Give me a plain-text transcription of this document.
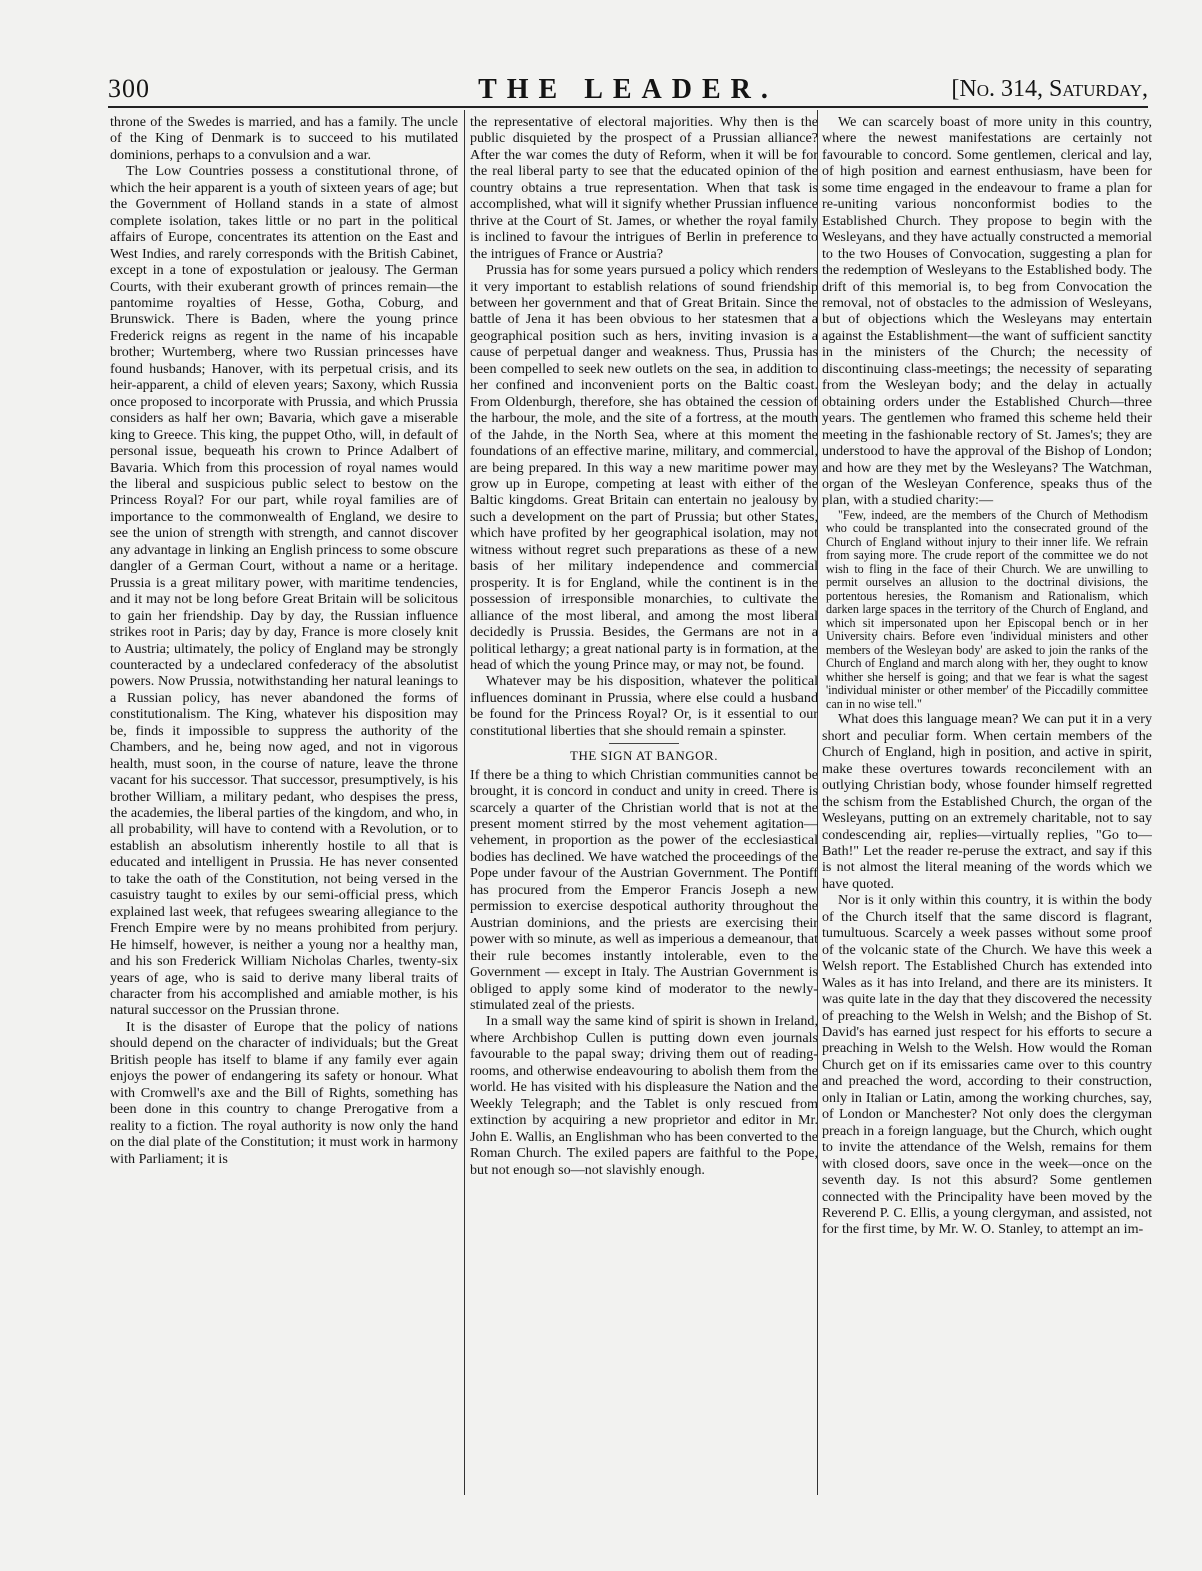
300	THE LEADER.	[No. 314, Saturday,

throne of the Swedes is married, and has a family. The uncle of the King of Denmark is to succeed to his mutilated dominions, perhaps to a convulsion and a war.

The Low Countries possess a constitutional throne, of which the heir apparent is a youth of sixteen years of age; but the Government of Holland stands in a state of almost complete isolation, takes little or no part in the political affairs of Europe, concentrates its attention on the East and West Indies, and rarely corresponds with the British Cabinet, except in a tone of expostulation or jealousy. The German Courts, with their exuberant growth of princes remain—the pantomime royalties of Hesse, Gotha, Coburg, and Brunswick. There is Baden, where the young prince Frederick reigns as regent in the name of his incapable brother; Wurtemberg, where two Russian princesses have found husbands; Hanover, with its perpetual crisis, and its heir-apparent, a child of eleven years; Saxony, which Russia once proposed to incorporate with Prussia, and which Prussia considers as half her own; Bavaria, which gave a miserable king to Greece. This king, the puppet Otho, will, in default of personal issue, bequeath his crown to Prince Adalbert of Bavaria. Which from this procession of royal names would the liberal and suspicious public select to bestow on the Princess Royal? For our part, while royal families are of importance to the commonwealth of England, we desire to see the union of strength with strength, and cannot discover any advantage in linking an English princess to some obscure dangler of a German Court, without a name or a heritage. Prussia is a great military power, with maritime tendencies, and it may not be long before Great Britain will be solicitous to gain her friendship. Day by day, the Russian influence strikes root in Paris; day by day, France is more closely knit to Austria; ultimately, the policy of England may be strongly counteracted by a undeclared confederacy of the absolutist powers. Now Prussia, notwithstanding her natural leanings to a Russian policy, has never abandoned the forms of constitutionalism. The King, whatever his disposition may be, finds it impossible to suppress the authority of the Chambers, and he, being now aged, and not in vigorous health, must soon, in the course of nature, leave the throne vacant for his successor. That successor, presumptively, is his brother William, a military pedant, who despises the press, the academies, the liberal parties of the kingdom, and who, in all probability, will have to contend with a Revolution, or to establish an absolutism inherently hostile to all that is educated and intelligent in Prussia. He has never consented to take the oath of the Constitution, not being versed in the casuistry taught to exiles by our semi-official press, which explained last week, that refugees swearing allegiance to the French Empire were by no means prohibited from perjury. He himself, however, is neither a young nor a healthy man, and his son Frederick William Nicholas Charles, twenty-six years of age, who is said to derive many liberal traits of character from his accomplished and amiable mother, is his natural successor on the Prussian throne.

It is the disaster of Europe that the policy of nations should depend on the character of individuals; but the Great British people has itself to blame if any family ever again enjoys the power of endangering its safety or honour. What with Cromwell's axe and the Bill of Rights, something has been done in this country to change Prerogative from a reality to a fiction. The royal authority is now only the hand on the dial plate of the Constitution; it must work in harmony with Parliament; it is

the representative of electoral majorities. Why then is the public disquieted by the prospect of a Prussian alliance? After the war comes the duty of Reform, when it will be for the real liberal party to see that the educated opinion of the country obtains a true representation. When that task is accomplished, what will it signify whether Prussian influence thrive at the Court of St. James, or whether the royal family is inclined to favour the intrigues of Berlin in preference to the intrigues of France or Austria?

Prussia has for some years pursued a policy which renders it very important to establish relations of sound friendship between her government and that of Great Britain. Since the battle of Jena it has been obvious to her statesmen that a geographical position such as hers, inviting invasion is a cause of perpetual danger and weakness. Thus, Prussia has been compelled to seek new outlets on the sea, in addition to her confined and inconvenient ports on the Baltic coast. From Oldenburgh, therefore, she has obtained the cession of the harbour, the mole, and the site of a fortress, at the mouth of the Jahde, in the North Sea, where at this moment the foundations of an effective marine, military, and commercial, are being prepared. In this way a new maritime power may grow up in Europe, competing at least with either of the Baltic kingdoms. Great Britain can entertain no jealousy by such a development on the part of Prussia; but other States, which have profited by her geographical isolation, may not witness without regret such preparations as these of a new basis of her military independence and commercial prosperity. It is for England, while the continent is in the possession of irresponsible monarchies, to cultivate the alliance of the most liberal, and among the most liberal decidedly is Prussia. Besides, the Germans are not in a political lethargy; a great national party is in formation, at the head of which the young Prince may, or may not, be found.

Whatever may be his disposition, whatever the political influences dominant in Prussia, where else could a husband be found for the Princess Royal? Or, is it essential to our constitutional liberties that she should remain a spinster.

THE SIGN AT BANGOR.

If there be a thing to which Christian communities cannot be brought, it is concord in conduct and unity in creed. There is scarcely a quarter of the Christian world that is not at the present moment stirred by the most vehement agitation—vehement, in proportion as the power of the ecclesiastical bodies has declined. We have watched the proceedings of the Pope under favour of the Austrian Government. The Pontiff has procured from the Emperor Francis Joseph a new permission to exercise despotical authority throughout the Austrian dominions, and the priests are exercising their power with so minute, as well as imperious a demeanour, that their rule becomes instantly intolerable, even to the Government — except in Italy. The Austrian Government is obliged to apply some kind of moderator to the newly-stimulated zeal of the priests.

In a small way the same kind of spirit is shown in Ireland, where Archbishop Cullen is putting down even journals favourable to the papal sway; driving them out of reading-rooms, and otherwise endeavouring to abolish them from the world. He has visited with his displeasure the Nation and the Weekly Telegraph; and the Tablet is only rescued from extinction by acquiring a new proprietor and editor in Mr. John E. Wallis, an Englishman who has been converted to the Roman Church. The exiled papers are faithful to the Pope, but not enough so—not slavishly enough.

We can scarcely boast of more unity in this country, where the newest manifestations are certainly not favourable to concord. Some gentlemen, clerical and lay, of high position and earnest enthusiasm, have been for some time engaged in the endeavour to frame a plan for re-uniting various nonconformist bodies to the Established Church. They propose to begin with the Wesleyans, and they have actually constructed a memorial to the two Houses of Convocation, suggesting a plan for the redemption of Wesleyans to the Established body. The drift of this memorial is, to beg from Convocation the removal, not of obstacles to the admission of Wesleyans, but of objections which the Wesleyans may entertain against the Establishment—the want of sufficient sanctity in the ministers of the Church; the necessity of discontinuing class-meetings; the necessity of separating from the Wesleyan body; and the delay in actually obtaining orders under the Established Church—three years. The gentlemen who framed this scheme held their meeting in the fashionable rectory of St. James's; they are understood to have the approval of the Bishop of London; and how are they met by the Wesleyans? The Watchman, organ of the Wesleyan Conference, speaks thus of the plan, with a studied charity:—

"Few, indeed, are the members of the Church of Methodism who could be transplanted into the consecrated ground of the Church of England without injury to their inner life. We refrain from saying more. The crude report of the committee we do not wish to fling in the face of their Church. We are unwilling to permit ourselves an allusion to the doctrinal divisions, the portentous heresies, the Romanism and Rationalism, which darken large spaces in the territory of the Church of England, and which sit impersonated upon her Episcopal bench or in her University chairs. Before even 'individual ministers and other members of the Wesleyan body' are asked to join the ranks of the Church of England and march along with her, they ought to know whither she herself is going; and that we fear is what the sagest 'individual minister or other member' of the Piccadilly committee can in no wise tell."

What does this language mean? We can put it in a very short and peculiar form. When certain members of the Church of England, high in position, and active in spirit, make these overtures towards reconcilement with an outlying Christian body, whose founder himself regretted the schism from the Established Church, the organ of the Wesleyans, putting on an extremely charitable, not to say condescending air, replies—virtually replies, "Go to—Bath!" Let the reader re-peruse the extract, and say if this is not almost the literal meaning of the words which we have quoted.

Nor is it only within this country, it is within the body of the Church itself that the same discord is flagrant, tumultuous. Scarcely a week passes without some proof of the volcanic state of the Church. We have this week a Welsh report. The Established Church has extended into Wales as it has into Ireland, and there are its ministers. It was quite late in the day that they discovered the necessity of preaching to the Welsh in Welsh; and the Bishop of St. David's has earned just respect for his efforts to secure a preaching in Welsh to the Welsh. How would the Roman Church get on if its emissaries came over to this country and preached the word, according to their construction, only in Italian or Latin, among the working churches, say, of London or Manchester? Not only does the clergyman preach in a foreign language, but the Church, which ought to invite the attendance of the Welsh, remains for them with closed doors, save once in the week—once on the seventh day. Is not this absurd? Some gentlemen connected with the Principality have been moved by the Reverend P. C. Ellis, a young clergyman, and assisted, not for the first time, by Mr. W. O. Stanley, to attempt an im-
